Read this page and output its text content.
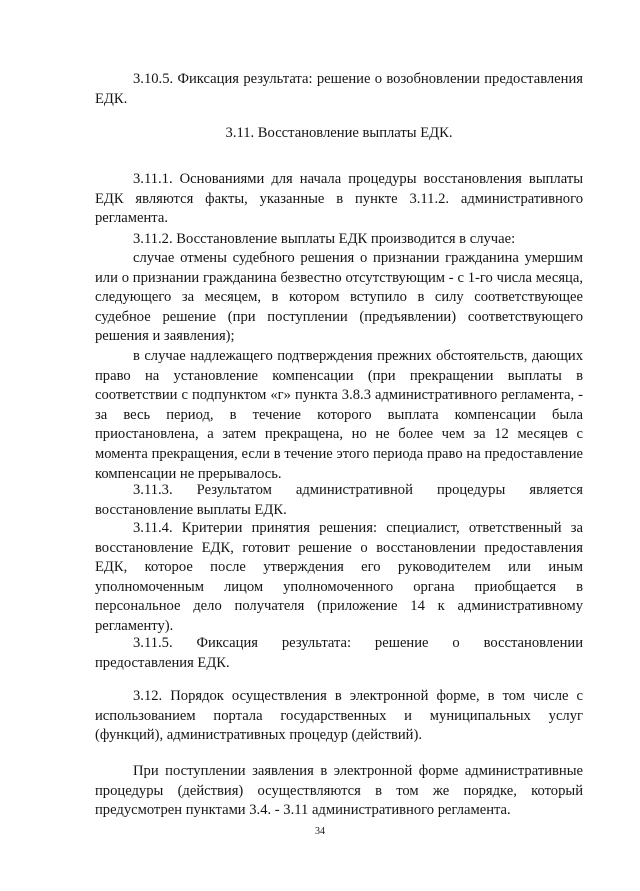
3.10.5. Фиксация результата: решение о возобновлении предоставления ЕДК.

3.11. Восстановление выплаты ЕДК.

3.11.1. Основаниями для начала процедуры восстановления выплаты ЕДК являются факты, указанные в пункте 3.11.2. административного регламента.

3.11.2. Восстановление выплаты ЕДК производится в случае:

случае отмены судебного решения о признании гражданина умершим или о признании гражданина безвестно отсутствующим - с 1-го числа месяца, следующего за месяцем, в котором вступило в силу соответствующее судебное решение (при поступлении (предъявлении) соответствующего решения и заявления);

в случае надлежащего подтверждения прежних обстоятельств, дающих право на установление компенсации (при прекращении выплаты в соответствии с подпунктом «г» пункта 3.8.3 административного регламента, - за весь период, в течение которого выплата компенсации была приостановлена, а затем прекращена, но не более чем за 12 месяцев с момента прекращения, если в течение этого периода право на предоставление компенсации не прерывалось.

3.11.3. Результатом административной процедуры является восстановление выплаты ЕДК.

3.11.4. Критерии принятия решения: специалист, ответственный за восстановление ЕДК, готовит решение о восстановлении предоставления ЕДК, которое после утверждения его руководителем или иным уполномоченным лицом уполномоченного органа приобщается в персональное дело получателя (приложение 14 к административному регламенту).

3.11.5. Фиксация результата: решение о восстановлении предоставления ЕДК.

3.12. Порядок осуществления в электронной форме, в том числе с использованием портала государственных и муниципальных услуг (функций), административных процедур (действий).

При поступлении заявления в электронной форме административные процедуры (действия) осуществляются в том же порядке, который предусмотрен пунктами 3.4. - 3.11 административного регламента.

34
